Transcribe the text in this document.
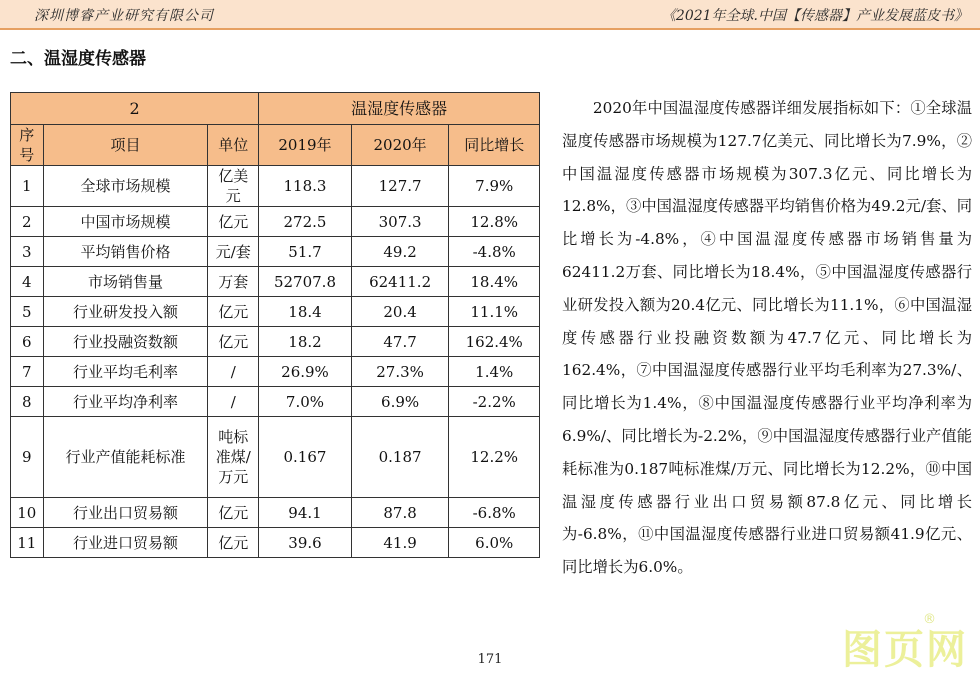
深圳博睿产业研究有限公司	《2021年全球.中国【传感器】产业发展蓝皮书》
二、温湿度传感器
2			温湿度传感器		
序号	项目	单位	2019年	2020年	同比增长
1	全球市场规模	亿美元	118.3	127.7	7.9%
2	中国市场规模	亿元	272.5	307.3	12.8%
3	平均销售价格	元/套	51.7	49.2	-4.8%
4	市场销售量	万套	52707.8	62411.2	18.4%
5	行业研发投入额	亿元	18.4	20.4	11.1%
6	行业投融资数额	亿元	18.2	47.7	162.4%
7	行业平均毛利率	/	26.9%	27.3%	1.4%
8	行业平均净利率	/	7.0%	6.9%	-2.2%
9	行业产值能耗标准	吨标准煤/万元	0.167	0.187	12.2%
10	行业出口贸易额	亿元	94.1	87.8	-6.8%
11	行业进口贸易额	亿元	39.6	41.9	6.0%

　　2020年中国温湿度传感器详细发展指标如下：①全球温湿度传感器市场规模为127.7亿美元、同比增长为7.9%，②中国温湿度传感器市场规模为307.3亿元、同比增长为12.8%，③中国温湿度传感器平均销售价格为49.2元/套、同比增长为-4.8%，④中国温湿度传感器市场销售量为62411.2万套、同比增长为18.4%，⑤中国温湿度传感器行业研发投入额为20.4亿元、同比增长为11.1%，⑥中国温湿度传感器行业投融资数额为47.7亿元、同比增长为162.4%，⑦中国温湿度传感器行业平均毛利率为27.3%/、同比增长为1.4%，⑧中国温湿度传感器行业平均净利率为6.9%/、同比增长为-2.2%，⑨中国温湿度传感器行业产值能耗标准为0.187吨标准煤/万元、同比增长为12.2%，⑩中国温湿度传感器行业出口贸易额87.8亿元、同比增长为-6.8%，⑪中国温湿度传感器行业进口贸易额41.9亿元、同比增长为6.0%。

171	图页网
®
